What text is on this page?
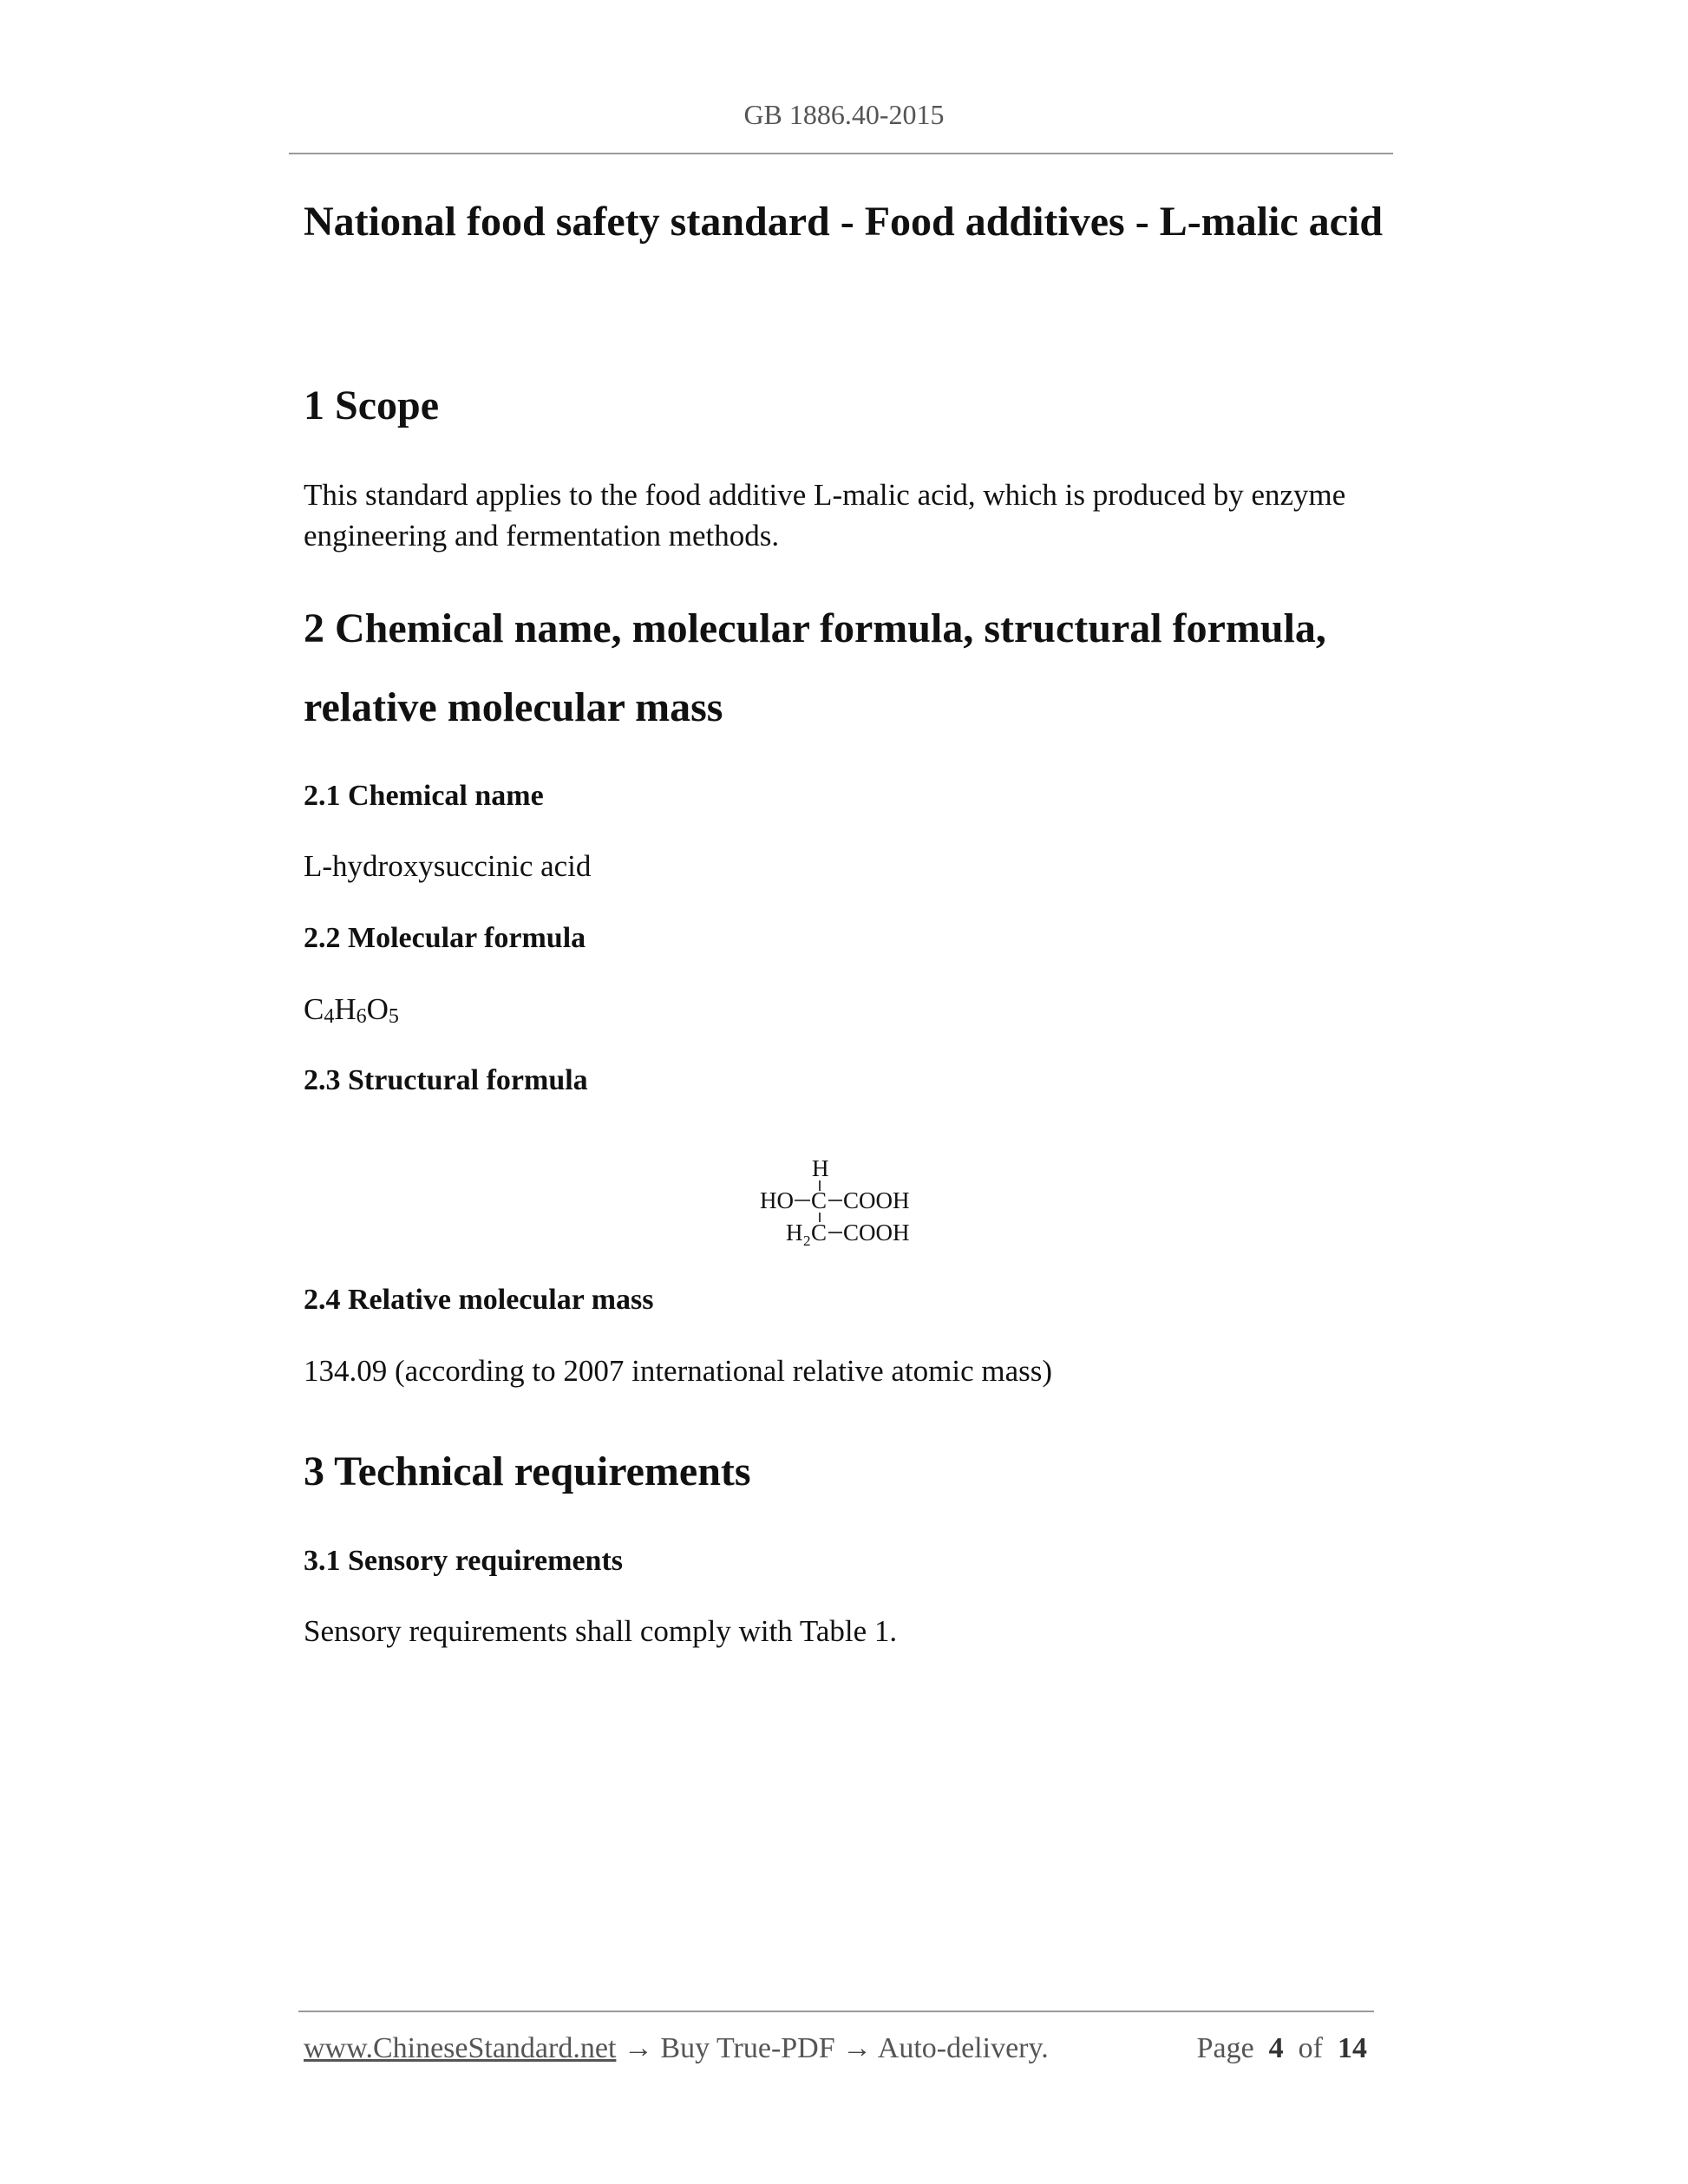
GB 1886.40-2015
National food safety standard - Food additives - L-malic acid
1 Scope
This standard applies to the food additive L-malic acid, which is produced by enzyme
engineering and fermentation methods.
2 Chemical name, molecular formula, structural formula,
relative molecular mass
2.1 Chemical name
L-hydroxysuccinic acid
2.2 Molecular formula
$C_4H_6O_5$
2.3 Structural formula
H
HO C COOH
H 2 C COOH
2.4 Relative molecular mass
134.09 (according to 2007 international relative atomic mass)
3 Technical requirements
3.1 Sensory requirements
Sensory requirements shall comply with Table 1.
www.ChineseStandard.net → Buy True-PDF → Auto-delivery.	Page 4 of 14
